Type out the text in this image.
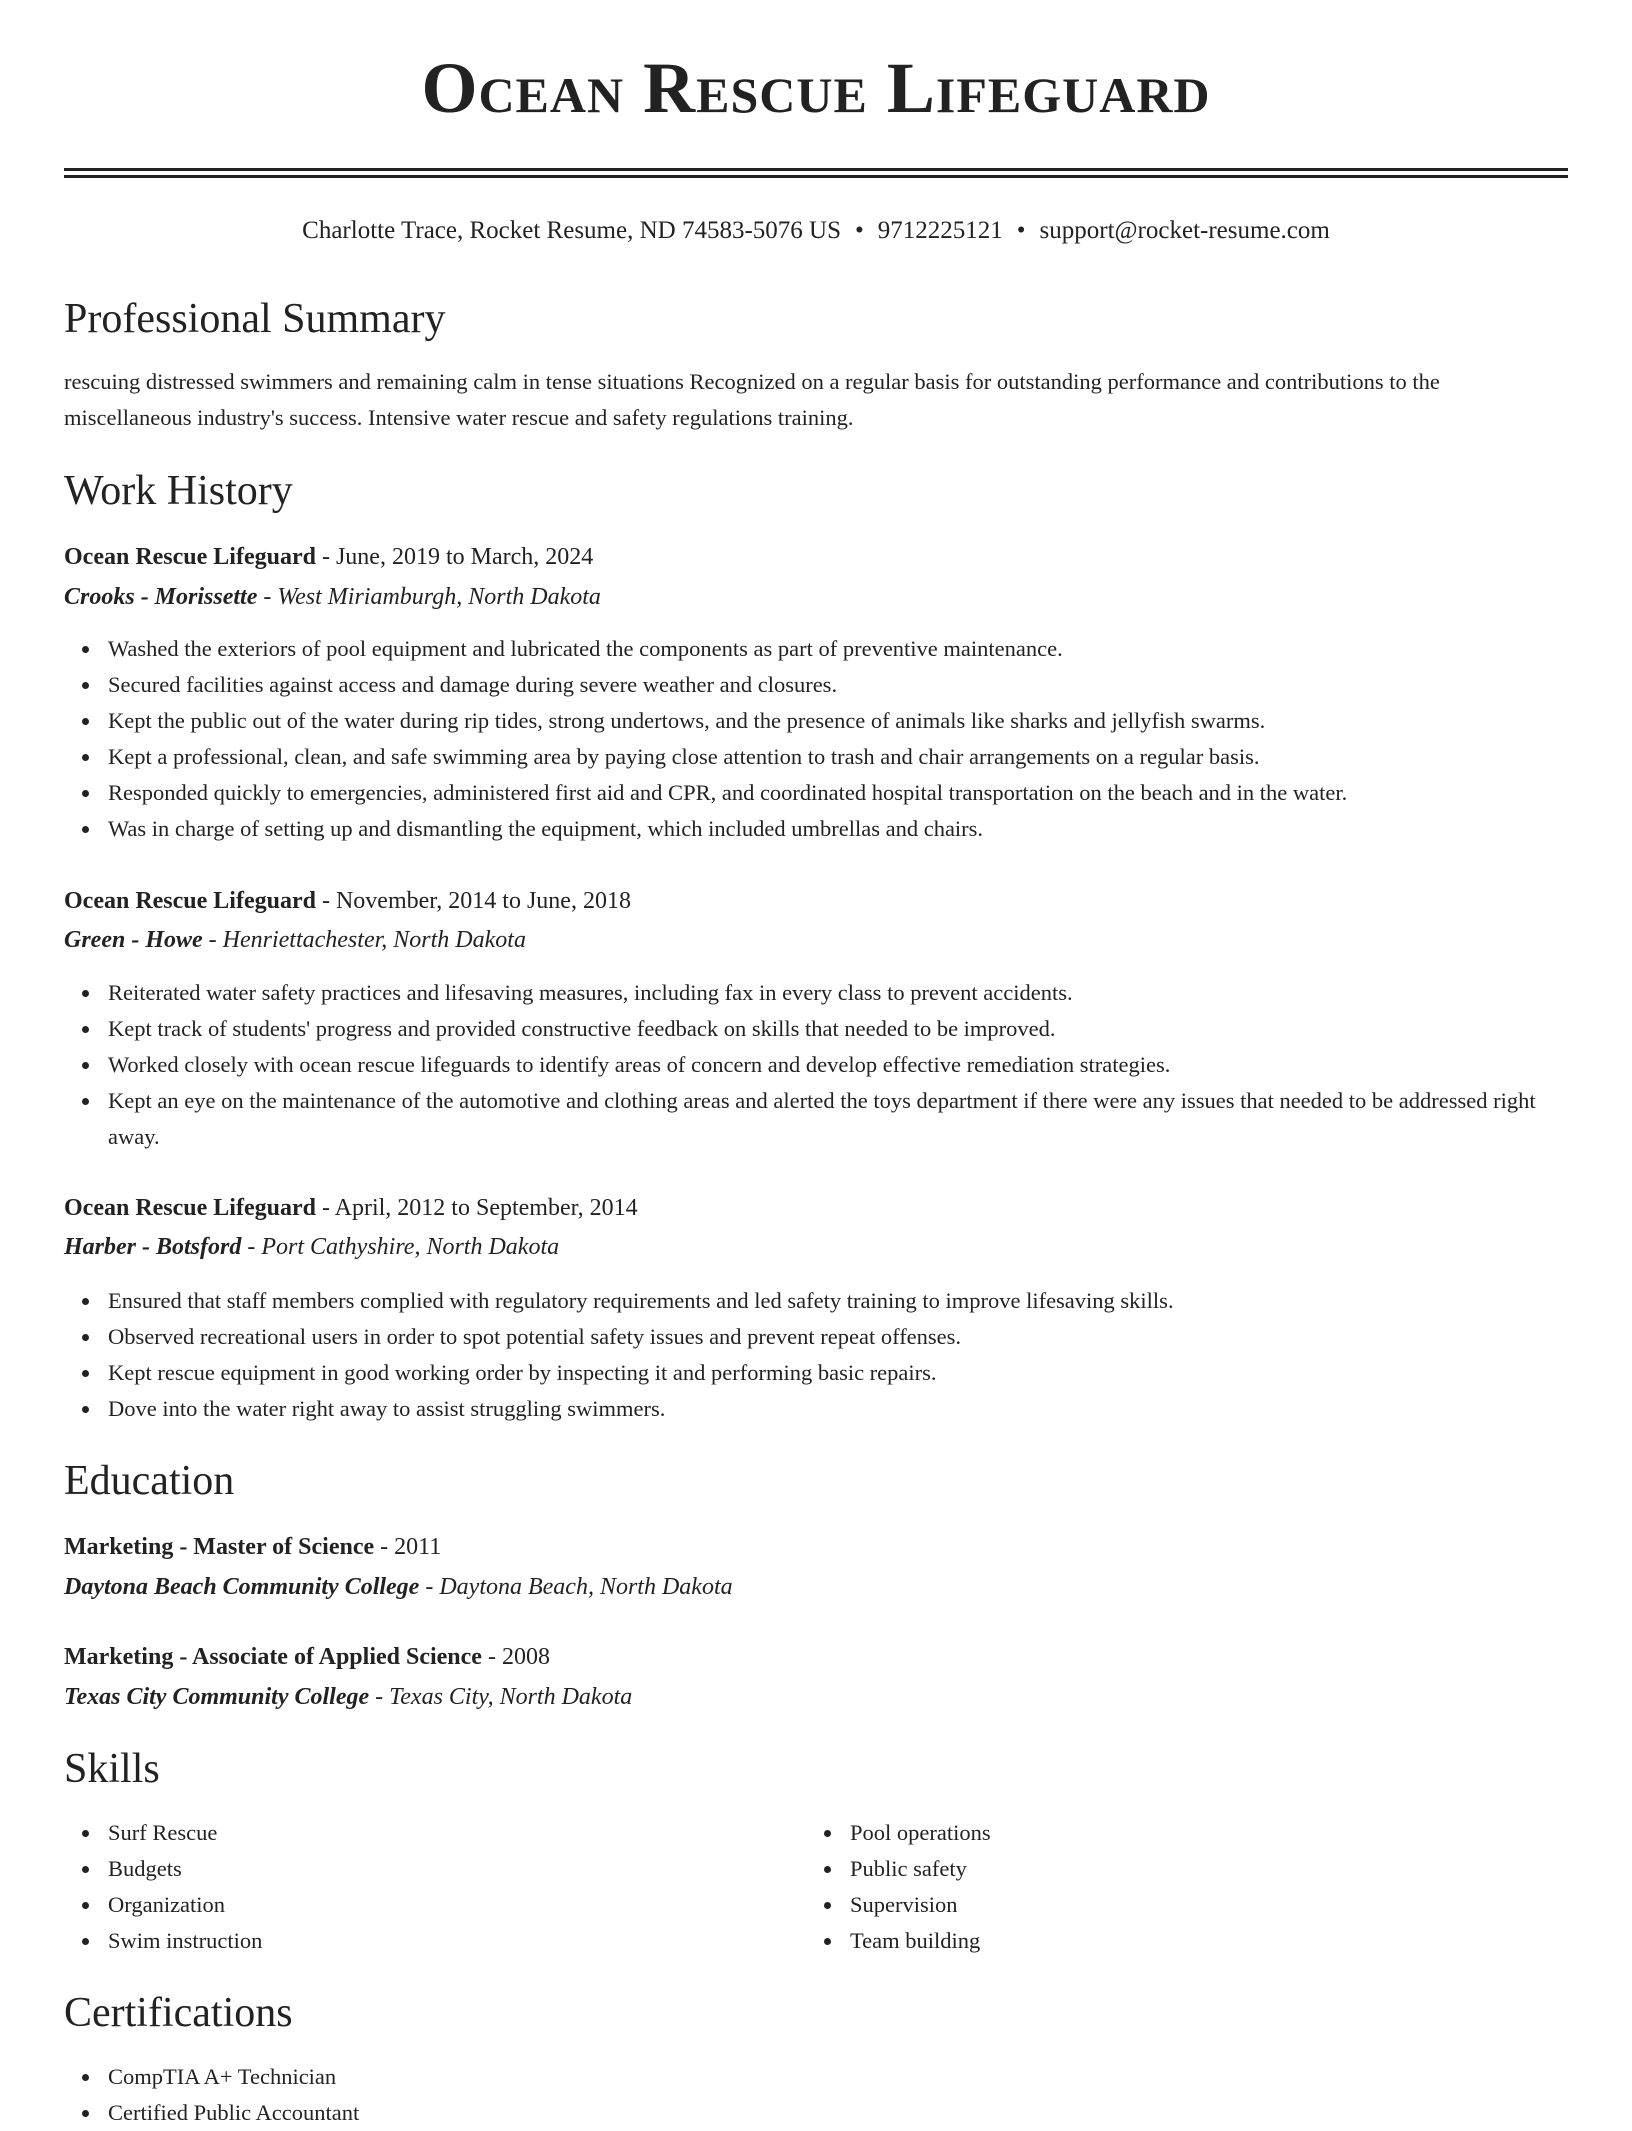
Ocean Rescue Lifeguard
Charlotte Trace, Rocket Resume, ND 74583-5076 US • 9712225121 • support@rocket-resume.com
Professional Summary

rescuing distressed swimmers and remaining calm in tense situations Recognized on a regular basis for outstanding performance and contributions to the miscellaneous industry's success. Intensive water rescue and safety regulations training.

Work History
Ocean Rescue Lifeguard - June, 2019 to March, 2024
Crooks - Morissette - West Miriamburgh, North Dakota
Washed the exteriors of pool equipment and lubricated the components as part of preventive maintenance.
Secured facilities against access and damage during severe weather and closures.
Kept the public out of the water during rip tides, strong undertows, and the presence of animals like sharks and jellyfish swarms.
Kept a professional, clean, and safe swimming area by paying close attention to trash and chair arrangements on a regular basis.
Responded quickly to emergencies, administered first aid and CPR, and coordinated hospital transportation on the beach and in the water.
Was in charge of setting up and dismantling the equipment, which included umbrellas and chairs.
Ocean Rescue Lifeguard - November, 2014 to June, 2018
Green - Howe - Henriettachester, North Dakota
Reiterated water safety practices and lifesaving measures, including fax in every class to prevent accidents.
Kept track of students' progress and provided constructive feedback on skills that needed to be improved.
Worked closely with ocean rescue lifeguards to identify areas of concern and develop effective remediation strategies.
Kept an eye on the maintenance of the automotive and clothing areas and alerted the toys department if there were any issues that needed to be addressed right away.
Ocean Rescue Lifeguard - April, 2012 to September, 2014
Harber - Botsford - Port Cathyshire, North Dakota
Ensured that staff members complied with regulatory requirements and led safety training to improve lifesaving skills.
Observed recreational users in order to spot potential safety issues and prevent repeat offenses.
Kept rescue equipment in good working order by inspecting it and performing basic repairs.
Dove into the water right away to assist struggling swimmers.
Education
Marketing - Master of Science - 2011
Daytona Beach Community College - Daytona Beach, North Dakota
Marketing - Associate of Applied Science - 2008
Texas City Community College - Texas City, North Dakota
Skills
Surf Rescue
Budgets
Organization
Swim instruction
Pool operations
Public safety
Supervision
Team building
Certifications
CompTIA A+ Technician
Certified Public Accountant
